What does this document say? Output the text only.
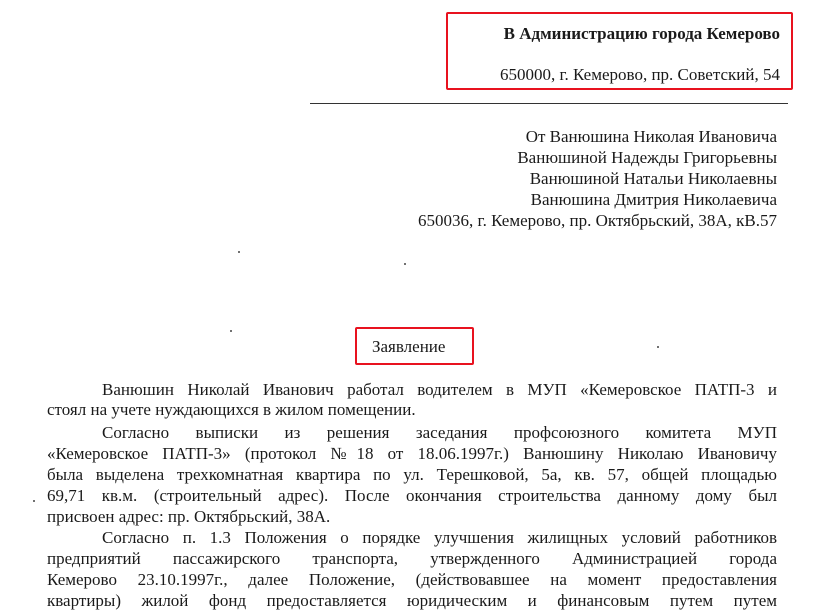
В Администрацию города Кемерово
650000, г. Кемерово, пр. Советский, 54
От Ванюшина Николая Ивановича
Ванюшиной Надежды Григорьевны
Ванюшиной Натальи Николаевны
Ванюшина Дмитрия Николаевича
650036, г. Кемерово, пр. Октябрьский, 38А, кВ.57
Заявление
Ванюшин Николай Иванович работал водителем в МУП «Кемеровское ПАТП-3 и
стоял на учете нуждающихся в жилом помещении.
Согласно выписки из решения заседания профсоюзного комитета МУП
«Кемеровское ПАТП-3» (протокол №18 от 18.06.1997г.) Ванюшину Николаю Ивановичу
была выделена трехкомнатная квартира по ул. Терешковой, 5а, кв. 57, общей площадью
69,71 кв.м. (строительный адрес). После окончания строительства данному дому был
присвоен адрес: пр. Октябрьский, 38А.
Согласно п. 1.3 Положения о порядке улучшения жилищных условий работников
предприятий пассажирского транспорта, утвержденного Администрацией города
Кемерово 23.10.1997г., далее Положение, (действовавшее на момент предоставления
квартиры) жилой фонд предоставляется юридическим и финансовым путем путем
